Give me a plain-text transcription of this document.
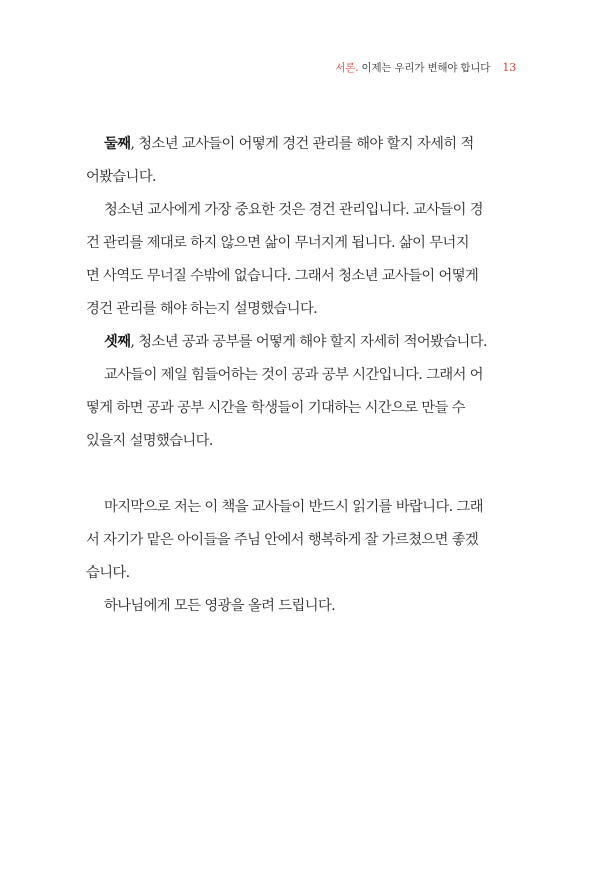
서론. 이제는 우리가 변해야 합니다 13

둘째, 청소년 교사들이 어떻게 경건 관리를 해야 할지 자세히 적
어봤습니다.

청소년 교사에게 가장 중요한 것은 경건 관리입니다. 교사들이 경
건 관리를 제대로 하지 않으면 삶이 무너지게 됩니다. 삶이 무너지
면 사역도 무너질 수밖에 없습니다. 그래서 청소년 교사들이 어떻게
경건 관리를 해야 하는지 설명했습니다.

셋째, 청소년 공과 공부를 어떻게 해야 할지 자세히 적어봤습니다.

교사들이 제일 힘들어하는 것이 공과 공부 시간입니다. 그래서 어
떻게 하면 공과 공부 시간을 학생들이 기대하는 시간으로 만들 수
있을지 설명했습니다.

마지막으로 저는 이 책을 교사들이 반드시 읽기를 바랍니다. 그래
서 자기가 맡은 아이들을 주님 안에서 행복하게 잘 가르쳤으면 좋겠
습니다.

하나님에게 모든 영광을 올려 드립니다.
